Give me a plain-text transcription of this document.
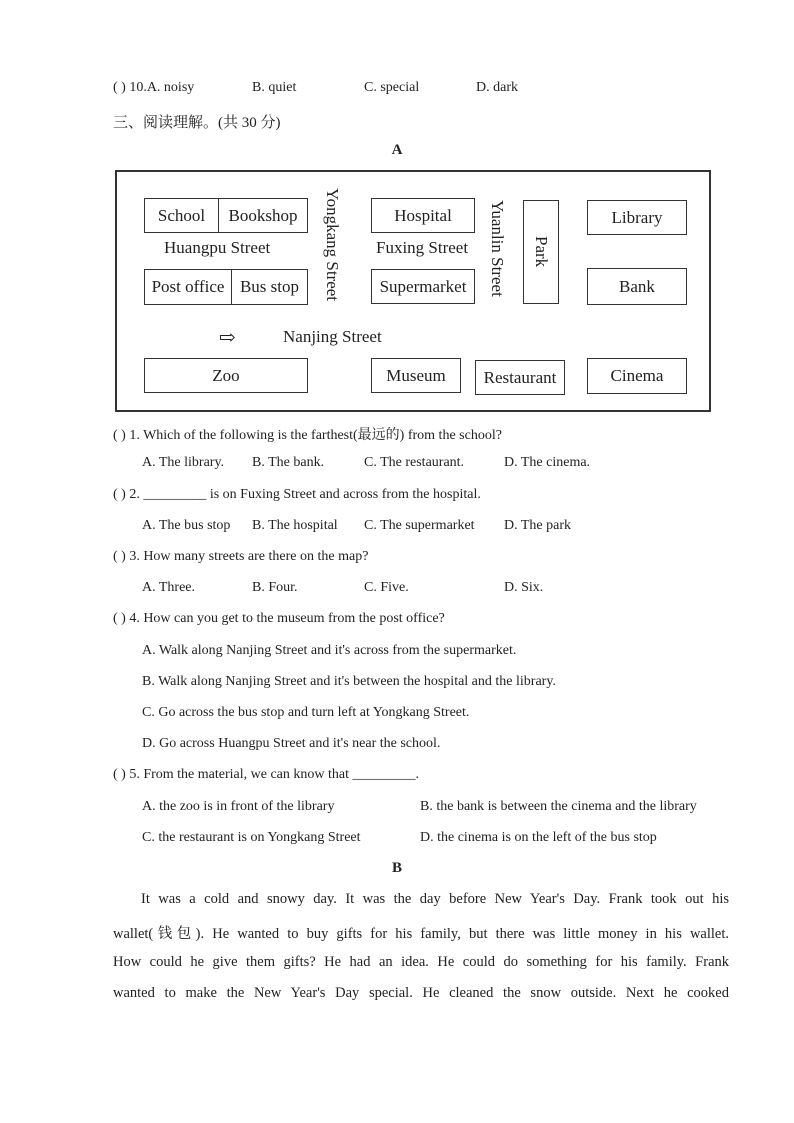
( ) 10.A. noisy	B. quiet	C. special	D. dark
三、阅读理解。(共 30 分)
A
School	Bookshop	Hospital	Library
Huangpu Street	Fuxing Street
Yongkang Street	Yuanlin Street	Park
Post office Bus stop	Supermarket	Bank
⇨	Nanjing Street
Zoo	Museum	Restaurant	Cinema
( ) 1. Which of the following is the farthest(最远的) from the school?
A. The library. B. The bank.	C. The restaurant.	D. The cinema.
( ) 2. _________ is on Fuxing Street and across from the hospital.
A. The bus stop B. The hospital C. The supermarket D. The park
( ) 3. How many streets are there on the map?
A. Three.	B. Four.	C. Five.	D. Six.
( ) 4. How can you get to the museum from the post office?
A. Walk along Nanjing Street and it's across from the supermarket.
B. Walk along Nanjing Street and it's between the hospital and the library.
C. Go across the bus stop and turn left at Yongkang Street.
D. Go across Huangpu Street and it's near the school.
( ) 5. From the material, we can know that _________.
A. the zoo is in front of the library	B. the bank is between the cinema and the library
C. the restaurant is on Yongkang Street	D. the cinema is on the left of the bus stop
B
It was a cold and snowy day. It was the day before New Year's Day. Frank took out his
wallet(钱包). He wanted to buy gifts for his family, but there was little money in his wallet.
How could he give them gifts? He had an idea. He could do something for his family. Frank
wanted to make the New Year's Day special. He cleaned the snow outside. Next he cooked
